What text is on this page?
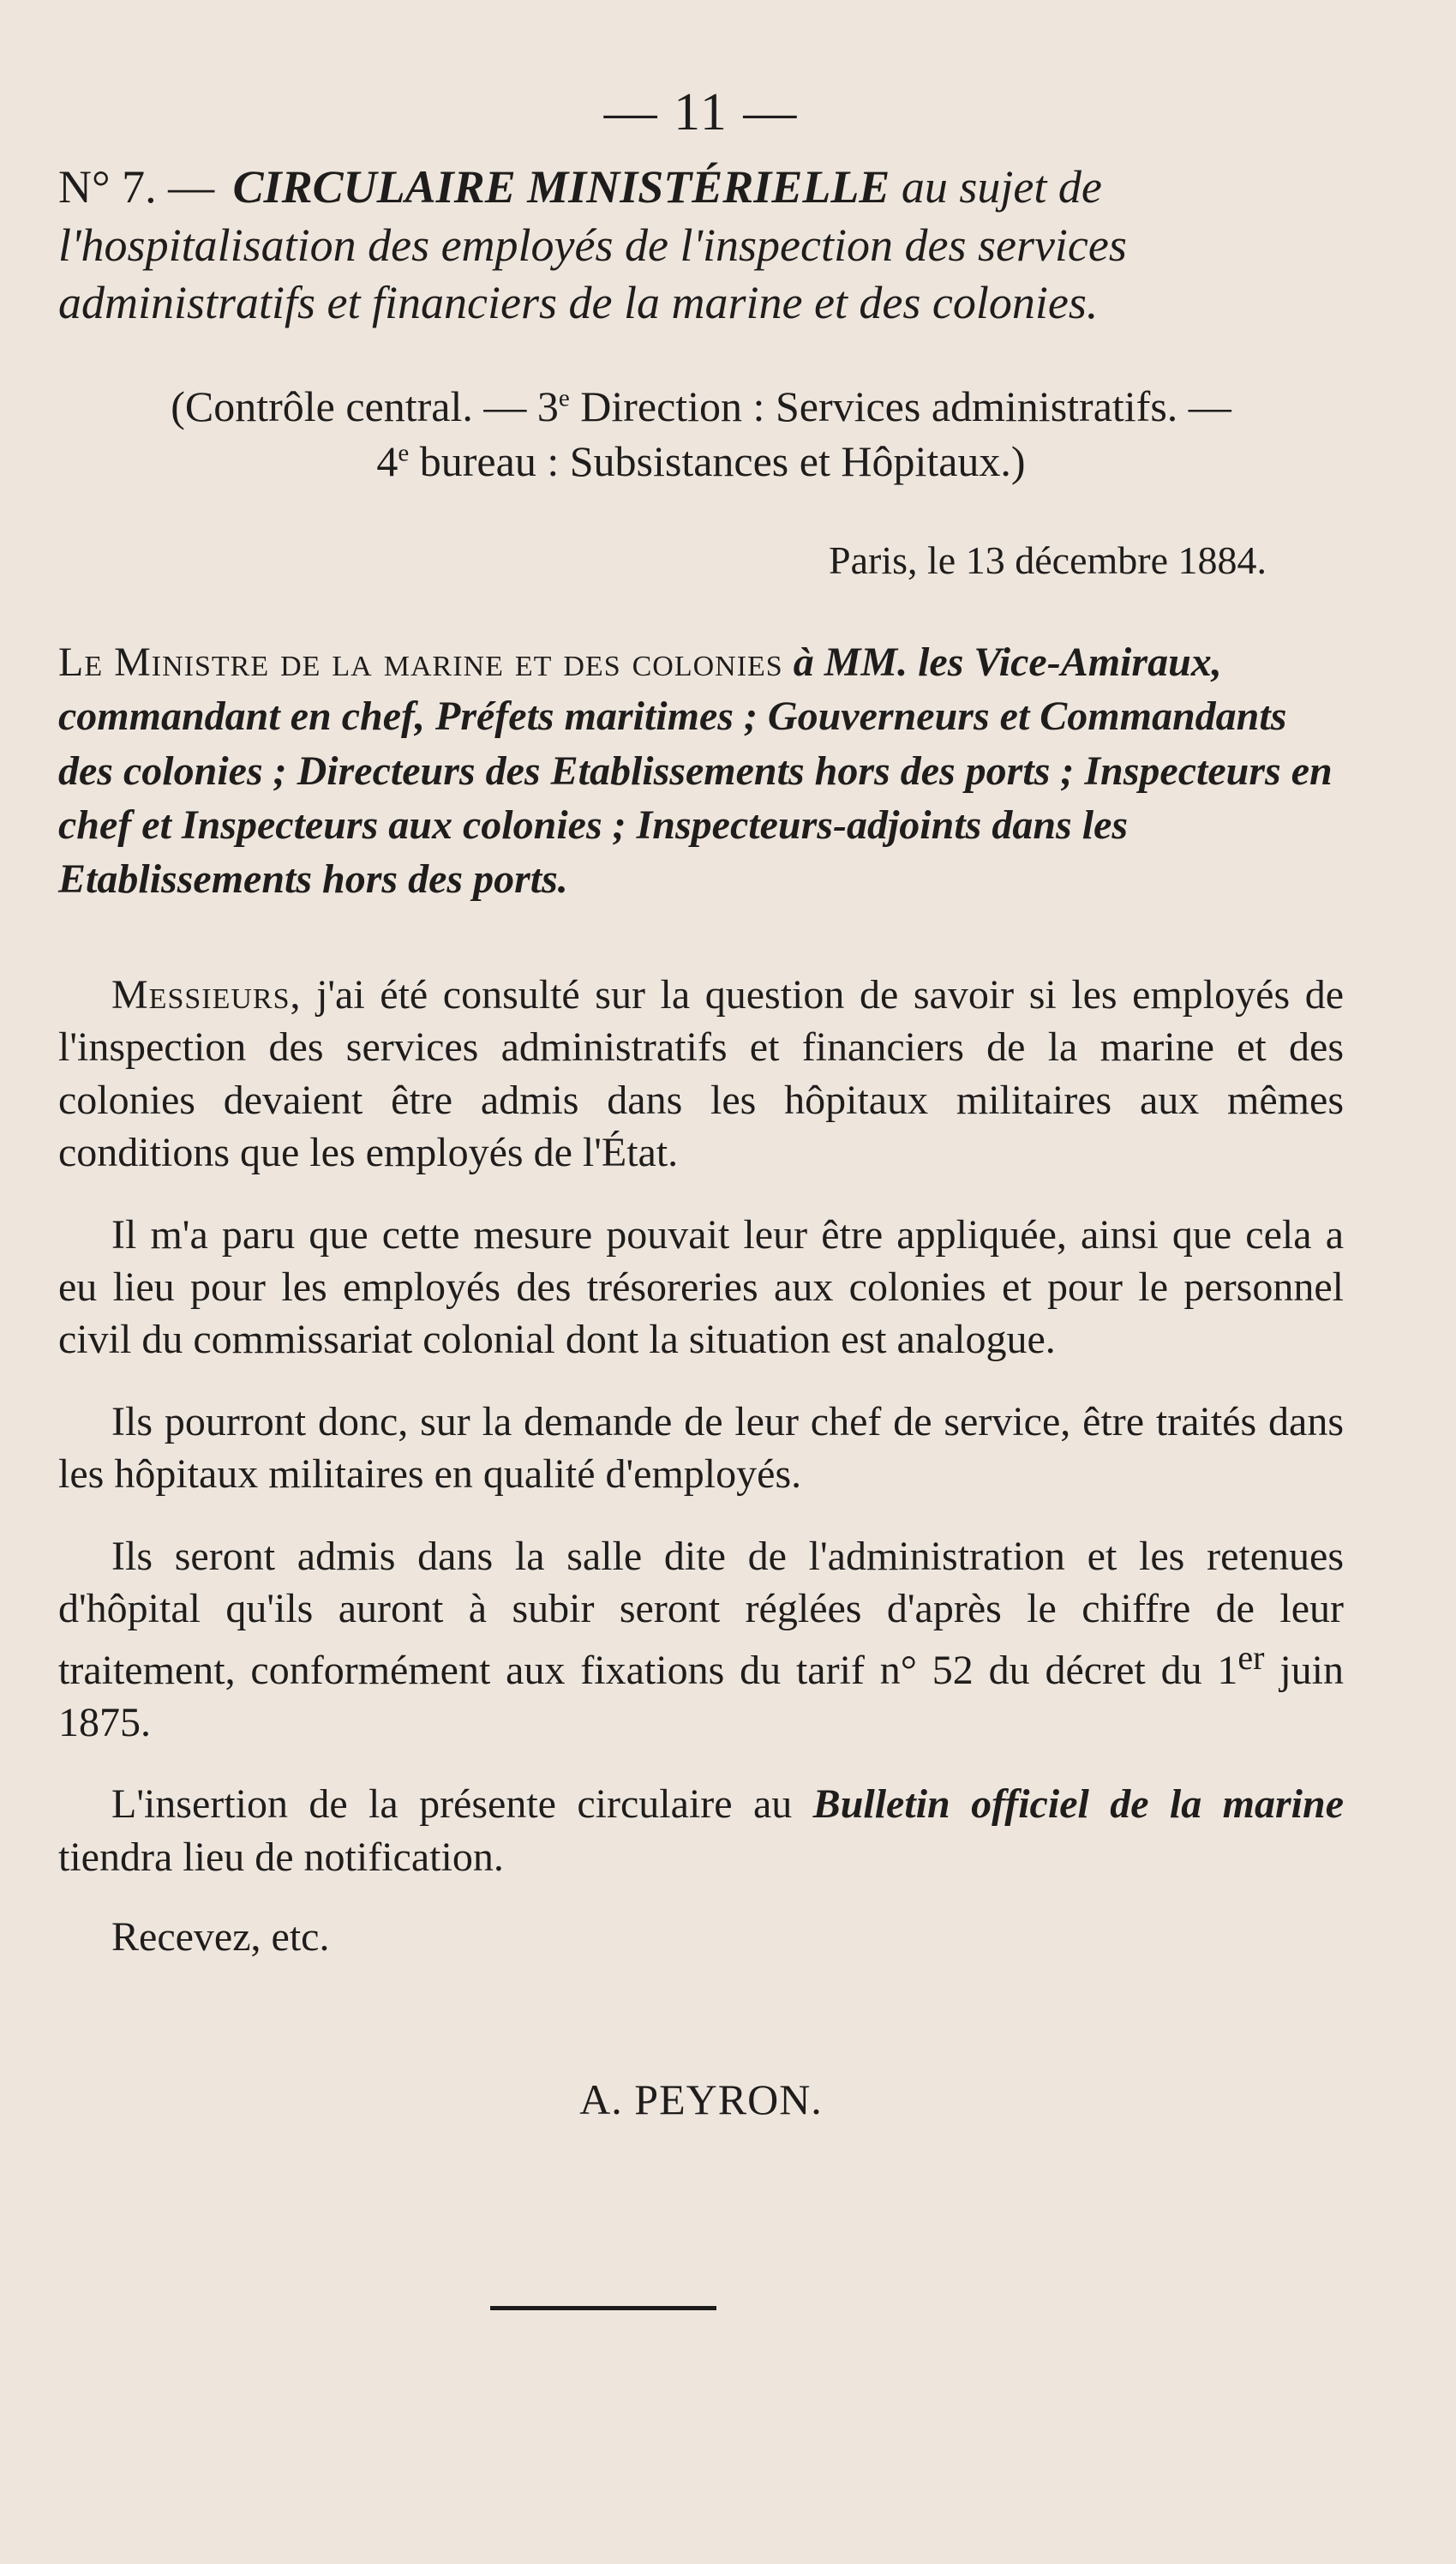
— 11 —
N° 7. — CIRCULAIRE MINISTÉRIELLE au sujet de l'hospitalisation des employés de l'inspection des services administratifs et financiers de la marine et des colonies.
(Contrôle central. — 3e Direction : Services administratifs. —
4e bureau : Subsistances et Hôpitaux.)
Paris, le 13 décembre 1884.
Le Ministre de la marine et des colonies à MM. les Vice-Amiraux, commandant en chef, Préfets maritimes ; Gouverneurs et Commandants des colonies ; Directeurs des Etablissements hors des ports ; Inspecteurs en chef et Inspecteurs aux colonies ; Inspecteurs-adjoints dans les Etablissements hors des ports.
Messieurs, j'ai été consulté sur la question de savoir si les employés de l'inspection des services administratifs et financiers de la marine et des colonies devaient être admis dans les hôpitaux militaires aux mêmes conditions que les employés de l'État.
Il m'a paru que cette mesure pouvait leur être appliquée, ainsi que cela a eu lieu pour les employés des trésoreries aux colonies et pour le personnel civil du commissariat colonial dont la situation est analogue.
Ils pourront donc, sur la demande de leur chef de service, être traités dans les hôpitaux militaires en qualité d'employés.
Ils seront admis dans la salle dite de l'administration et les retenues d'hôpital qu'ils auront à subir seront réglées d'après le chiffre de leur traitement, conformément aux fixations du tarif n° 52 du décret du 1er juin 1875.
L'insertion de la présente circulaire au Bulletin officiel de la marine tiendra lieu de notification.
Recevez, etc.
A. PEYRON.
